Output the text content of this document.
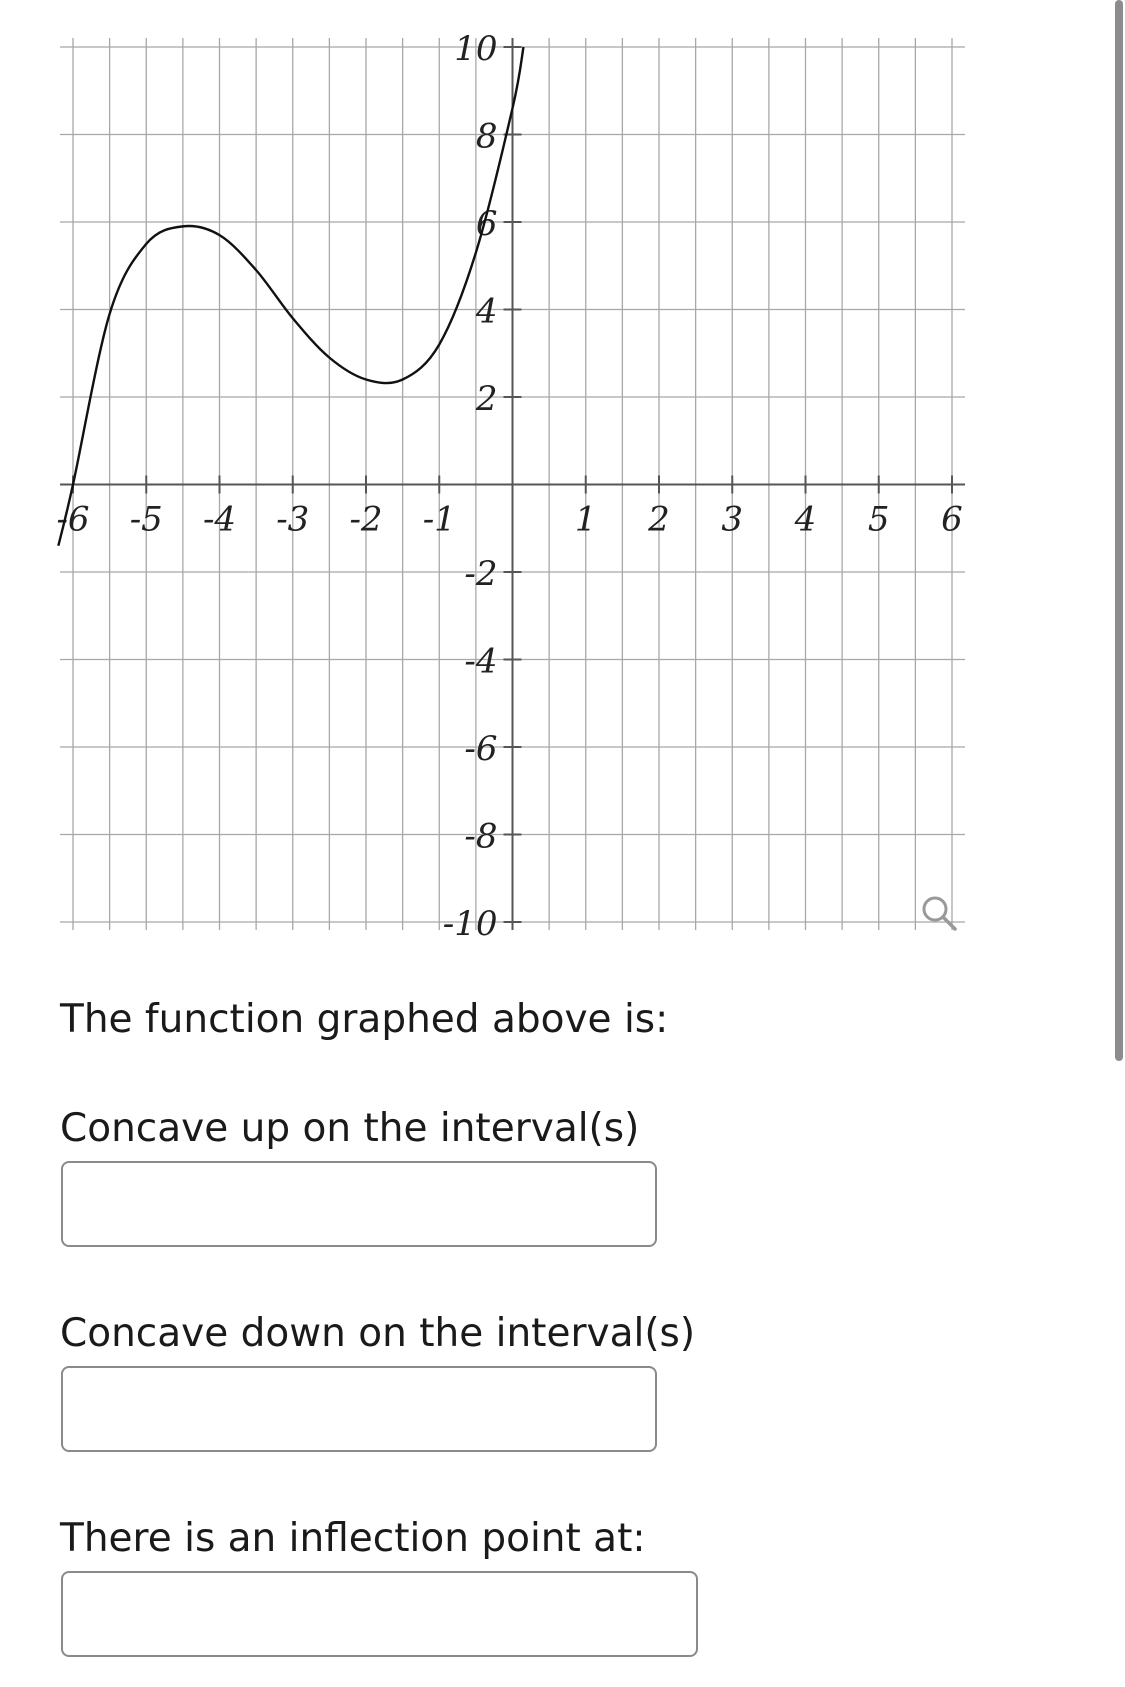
-6 -5 -4 -3 -2 -1	1 2 3 4 5 6
10
8
6
4
2
-2
-4
-6
-8
-10

The function graphed above is:

Concave up on the interval(s)

Concave down on the interval(s)

There is an inflection point at:
